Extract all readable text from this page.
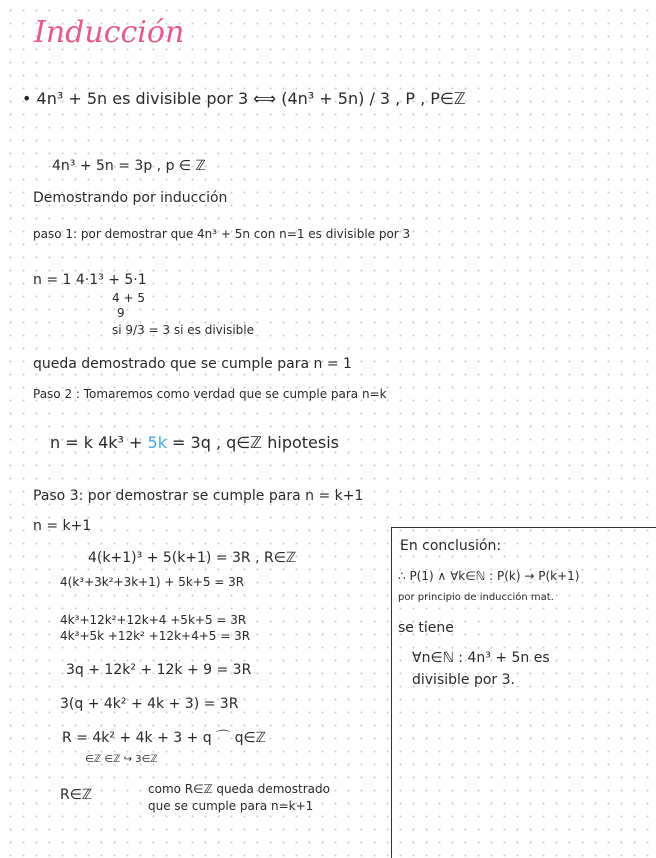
Inducción
• 4n³ + 5n es divisible por 3 ⟺ (4n³ + 5n) / 3 , P , P∈ℤ
4n³ + 5n = 3p , p ∈ ℤ
Demostrando por inducción
paso 1: por demostrar que 4n³ + 5n con n=1 es divisible por 3
n = 1 4·1³ + 5·1
4 + 5
9
si 9/3 = 3 si es divisible
queda demostrado que se cumple para n = 1
Paso 2 : Tomaremos como verdad que se cumple para n=k
n = k 4k³ + 5k = 3q , q∈ℤ hipotesis
Paso 3: por demostrar se cumple para n = k+1
n = k+1
4(k+1)³ + 5(k+1) = 3R , R∈ℤ
4(k³+3k²+3k+1) + 5k+5 = 3R
4k³+12k²+12k+4 +5k+5 = 3R
4k³+5k +12k² +12k+4+5 = 3R
3q + 12k² + 12k + 9 = 3R
3(q + 4k² + 4k + 3) = 3R
R = 4k² + 4k + 3 + q ⌒ q∈ℤ
∈ℤ ∈ℤ ↪ 3∈ℤ
R∈ℤ	como R∈ℤ queda demostrado
que se cumple para n=k+1
En conclusión:
∴ P(1) ∧ ∀k∈ℕ : P(k) → P(k+1)
por principio de inducción mat.
se tiene
∀n∈ℕ : 4n³ + 5n es
divisible por 3.
